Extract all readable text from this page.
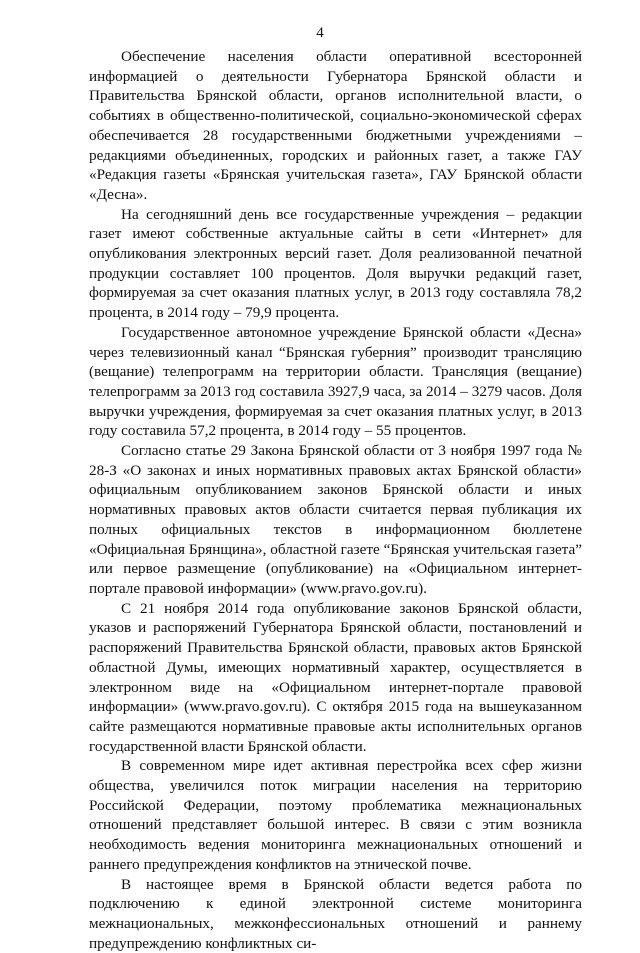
4

Обеспечение населения области оперативной всесторонней информацией о деятельности Губернатора Брянской области и Правительства Брянской области, органов исполнительной власти, о событиях в общественно-политической, социально-экономической сферах обеспечивается 28 государственными бюджетными учреждениями – редакциями объединенных, городских и районных газет, а также ГАУ «Редакция газеты «Брянская учительская газета», ГАУ Брянской области «Десна».

На сегодняшний день все государственные учреждения – редакции газет имеют собственные актуальные сайты в сети «Интернет» для опубликования электронных версий газет. Доля реализованной печатной продукции составляет 100 процентов. Доля выручки редакций газет, формируемая за счет оказания платных услуг, в 2013 году составляла 78,2 процента, в 2014 году – 79,9 процента.

Государственное автономное учреждение Брянской области «Десна» через телевизионный канал “Брянская губерния” производит трансляцию (вещание) телепрограмм на территории области. Трансляция (вещание) телепрограмм за 2013 год составила 3927,9 часа, за 2014 – 3279 часов. Доля выручки учреждения, формируемая за счет оказания платных услуг, в 2013 году составила 57,2 процента, в 2014 году – 55 процентов.

Согласно статье 29 Закона Брянской области от 3 ноября 1997 года № 28-З «О законах и иных нормативных правовых актах Брянской области» официальным опубликованием законов Брянской области и иных нормативных правовых актов области считается первая публикация их полных официальных текстов в информационном бюллетене «Официальная Брянщина», областной газете “Брянская учительская газета” или первое размещение (опубликование) на «Официальном интернет-портале правовой информации» (www.pravo.gov.ru).

С 21 ноября 2014 года опубликование законов Брянской области, указов и распоряжений Губернатора Брянской области, постановлений и распоряжений Правительства Брянской области, правовых актов Брянской областной Думы, имеющих нормативный характер, осуществляется в электронном виде на «Официальном интернет-портале правовой информации» (www.pravo.gov.ru). С октября 2015 года на вышеуказанном сайте размещаются нормативные правовые акты исполнительных органов государственной власти Брянской области.

В современном мире идет активная перестройка всех сфер жизни общества, увеличился поток миграции населения на территорию Российской Федерации, поэтому проблематика межнациональных отношений представляет большой интерес. В связи с этим возникла необходимость ведения мониторинга межнациональных отношений и раннего предупреждения конфликтов на этнической почве.

В настоящее время в Брянской области ведется работа по подключению к единой электронной системе мониторинга межнациональных, межконфессиональных отношений и раннему предупреждению конфликтных си-
